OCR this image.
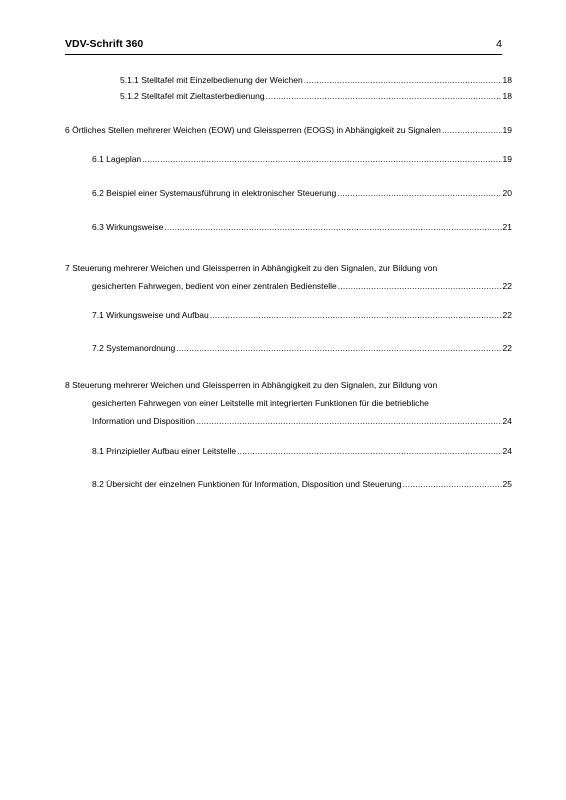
VDV-Schrift 360	4
5.1.1 Stelltafel mit Einzelbedienung der Weichen .....	18
5.1.2 Stelltafel mit Zieltasterbedienung .....	18
6 Örtliches Stellen mehrerer Weichen (EOW) und Gleissperren (EOGS) in Abhängigkeit zu Signalen .....	19
6.1 Lageplan .....	19
6.2 Beispiel einer Systemausführung in elektronischer Steuerung .....	20
6.3 Wirkungsweise .....	21
7 Steuerung mehrerer Weichen und Gleissperren in Abhängigkeit zu den Signalen, zur Bildung von
gesicherten Fahrwegen, bedient von einer zentralen Bedienstelle .....	22
7.1 Wirkungsweise und Aufbau .....	22
7.2 Systemanordnung .....	22
8 Steuerung mehrerer Weichen und Gleissperren in Abhängigkeit zu den Signalen, zur Bildung von
gesicherten Fahrwegen von einer Leitstelle mit integrierten Funktionen für die betriebliche
Information und Disposition .....	24
8.1 Prinzipieller Aufbau einer Leitstelle .....	24
8.2 Übersicht der einzelnen Funktionen für Information, Disposition und Steuerung .....	25
